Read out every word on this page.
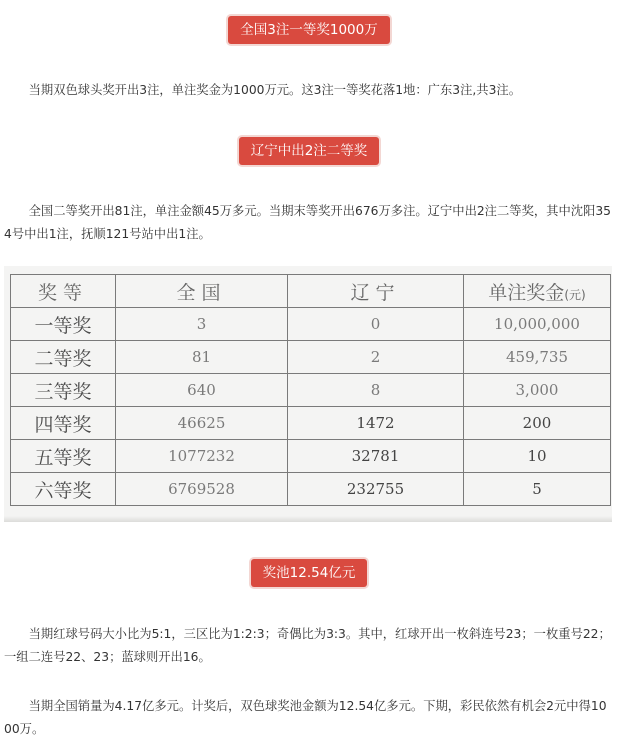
全国3注一等奖1000万
当期双色球头奖开出3注，单注奖金为1000万元。这3注一等奖花落1地：广东3注,共3注。
辽宁中出2注二等奖
全国二等奖开出81注，单注金额45万多元。当期末等奖开出676万多注。辽宁中出2注二等奖，其中沈阳354号中出1注，抚顺121号站中出1注。
奖等	全国	辽宁	单注奖金(元)
一等奖	3	0	10,000,000
二等奖	81	2	459,735
三等奖	640	8	3,000
四等奖	46625	1472	200
五等奖	1077232	32781	10
六等奖	6769528	232755	5
奖池12.54亿元
当期红球号码大小比为5:1，三区比为1:2:3；奇偶比为3:3。其中，红球开出一枚斜连号23；一枚重号22；一组二连号22、23；蓝球则开出16。
当期全国销量为4.17亿多元。计奖后，双色球奖池金额为12.54亿多元。下期，彩民依然有机会2元中得1000万。
